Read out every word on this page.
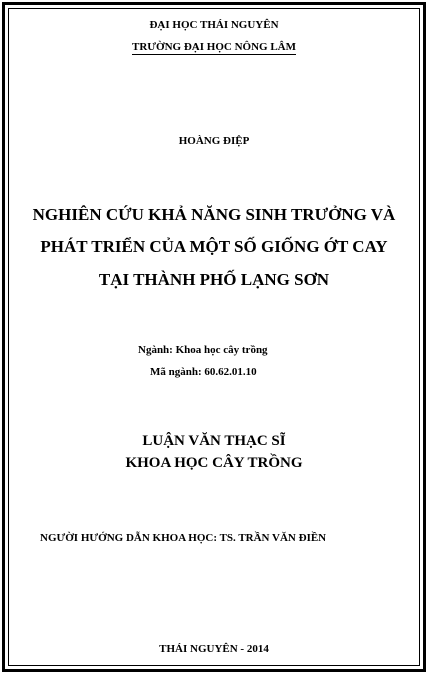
ĐẠI HỌC THÁI NGUYÊN
TRƯỜNG ĐẠI HỌC NÔNG LÂM
HOÀNG ĐIỆP
NGHIÊN CỨU KHẢ NĂNG SINH TRƯỞNG VÀ
PHÁT TRIỂN CỦA MỘT SỐ GIỐNG ỚT CAY
TẠI THÀNH PHỐ LẠNG SƠN
Ngành: Khoa học cây trồng
Mã ngành: 60.62.01.10
LUẬN VĂN THẠC SĨ
KHOA HỌC CÂY TRỒNG
NGƯỜI HƯỚNG DẪN KHOA HỌC: TS. TRẦN VĂN ĐIỀN
THÁI NGUYÊN - 2014
